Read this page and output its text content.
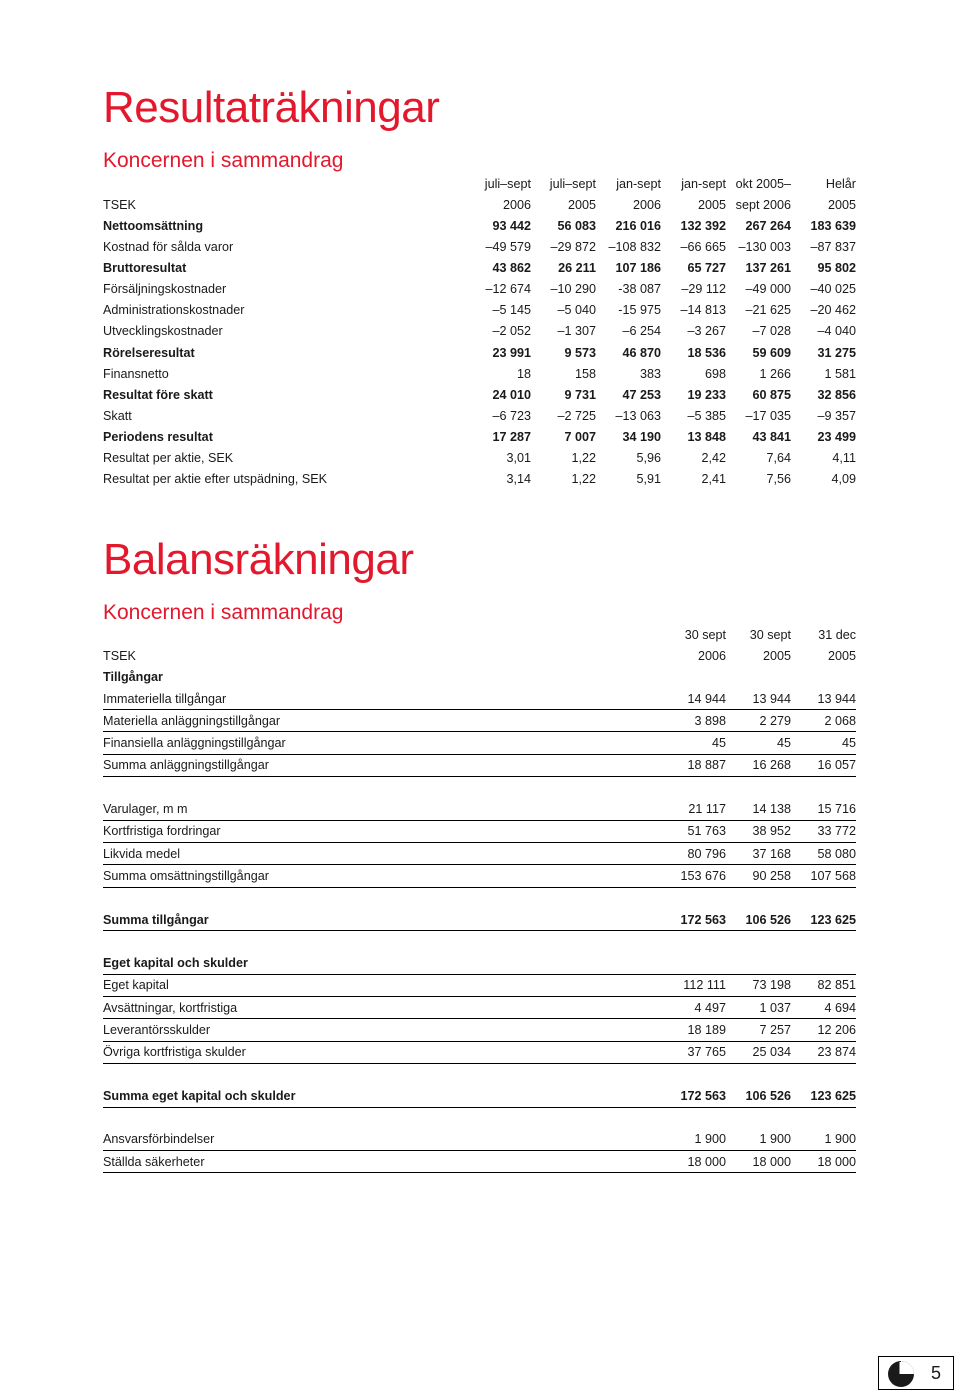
Resultaträkningar
Koncernen i sammandrag
	juli–sept	juli–sept	jan-sept	jan-sept	okt 2005–	Helår
TSEK	2006	2005	2006	2005	sept 2006	2005
Nettoomsättning	93 442	56 083	216 016	132 392	267 264	183 639
Kostnad för sålda varor	–49 579	–29 872	–108 832	–66 665	–130 003	–87 837
Bruttoresultat	43 862	26 211	107 186	65 727	137 261	95 802
Försäljningskostnader	–12 674	–10 290	-38 087	–29 112	–49 000	–40 025
Administrationskostnader	–5 145	–5 040	-15 975	–14 813	–21 625	–20 462
Utvecklingskostnader	–2 052	–1 307	–6 254	–3 267	–7 028	–4 040
Rörelseresultat	23 991	9 573	46 870	18 536	59 609	31 275
Finansnetto	18	158	383	698	1 266	1 581
Resultat före skatt	24 010	9 731	47 253	19 233	60 875	32 856
Skatt	–6 723	–2 725	–13 063	–5 385	–17 035	–9 357
Periodens resultat	17 287	7 007	34 190	13 848	43 841	23 499
Resultat per aktie, SEK	3,01	1,22	5,96	2,42	7,64	4,11
Resultat per aktie efter utspädning, SEK	3,14	1,22	5,91	2,41	7,56	4,09
Balansräkningar
Koncernen i sammandrag
	30 sept	30 sept	31 dec
TSEK	2006	2005	2005
Tillgångar			
Immateriella tillgångar	14 944	13 944	13 944
Materiella anläggningstillgångar	3 898	2 279	2 068
Finansiella anläggningstillgångar	45	45	45
Summa anläggningstillgångar	18 887	16 268	16 057

Varulager, m m	21 117	14 138	15 716
Kortfristiga fordringar	51 763	38 952	33 772
Likvida medel	80 796	37 168	58 080
Summa omsättningstillgångar	153 676	90 258	107 568

Summa tillgångar	172 563	106 526	123 625

Eget kapital och skulder			
Eget kapital	112 111	73 198	82 851
Avsättningar, kortfristiga	4 497	1 037	4 694
Leverantörsskulder	18 189	7 257	12 206
Övriga kortfristiga skulder	37 765	25 034	23 874

Summa eget kapital och skulder	172 563	106 526	123 625

Ansvarsförbindelser	1 900	1 900	1 900
Ställda säkerheter	18 000	18 000	18 000
5
